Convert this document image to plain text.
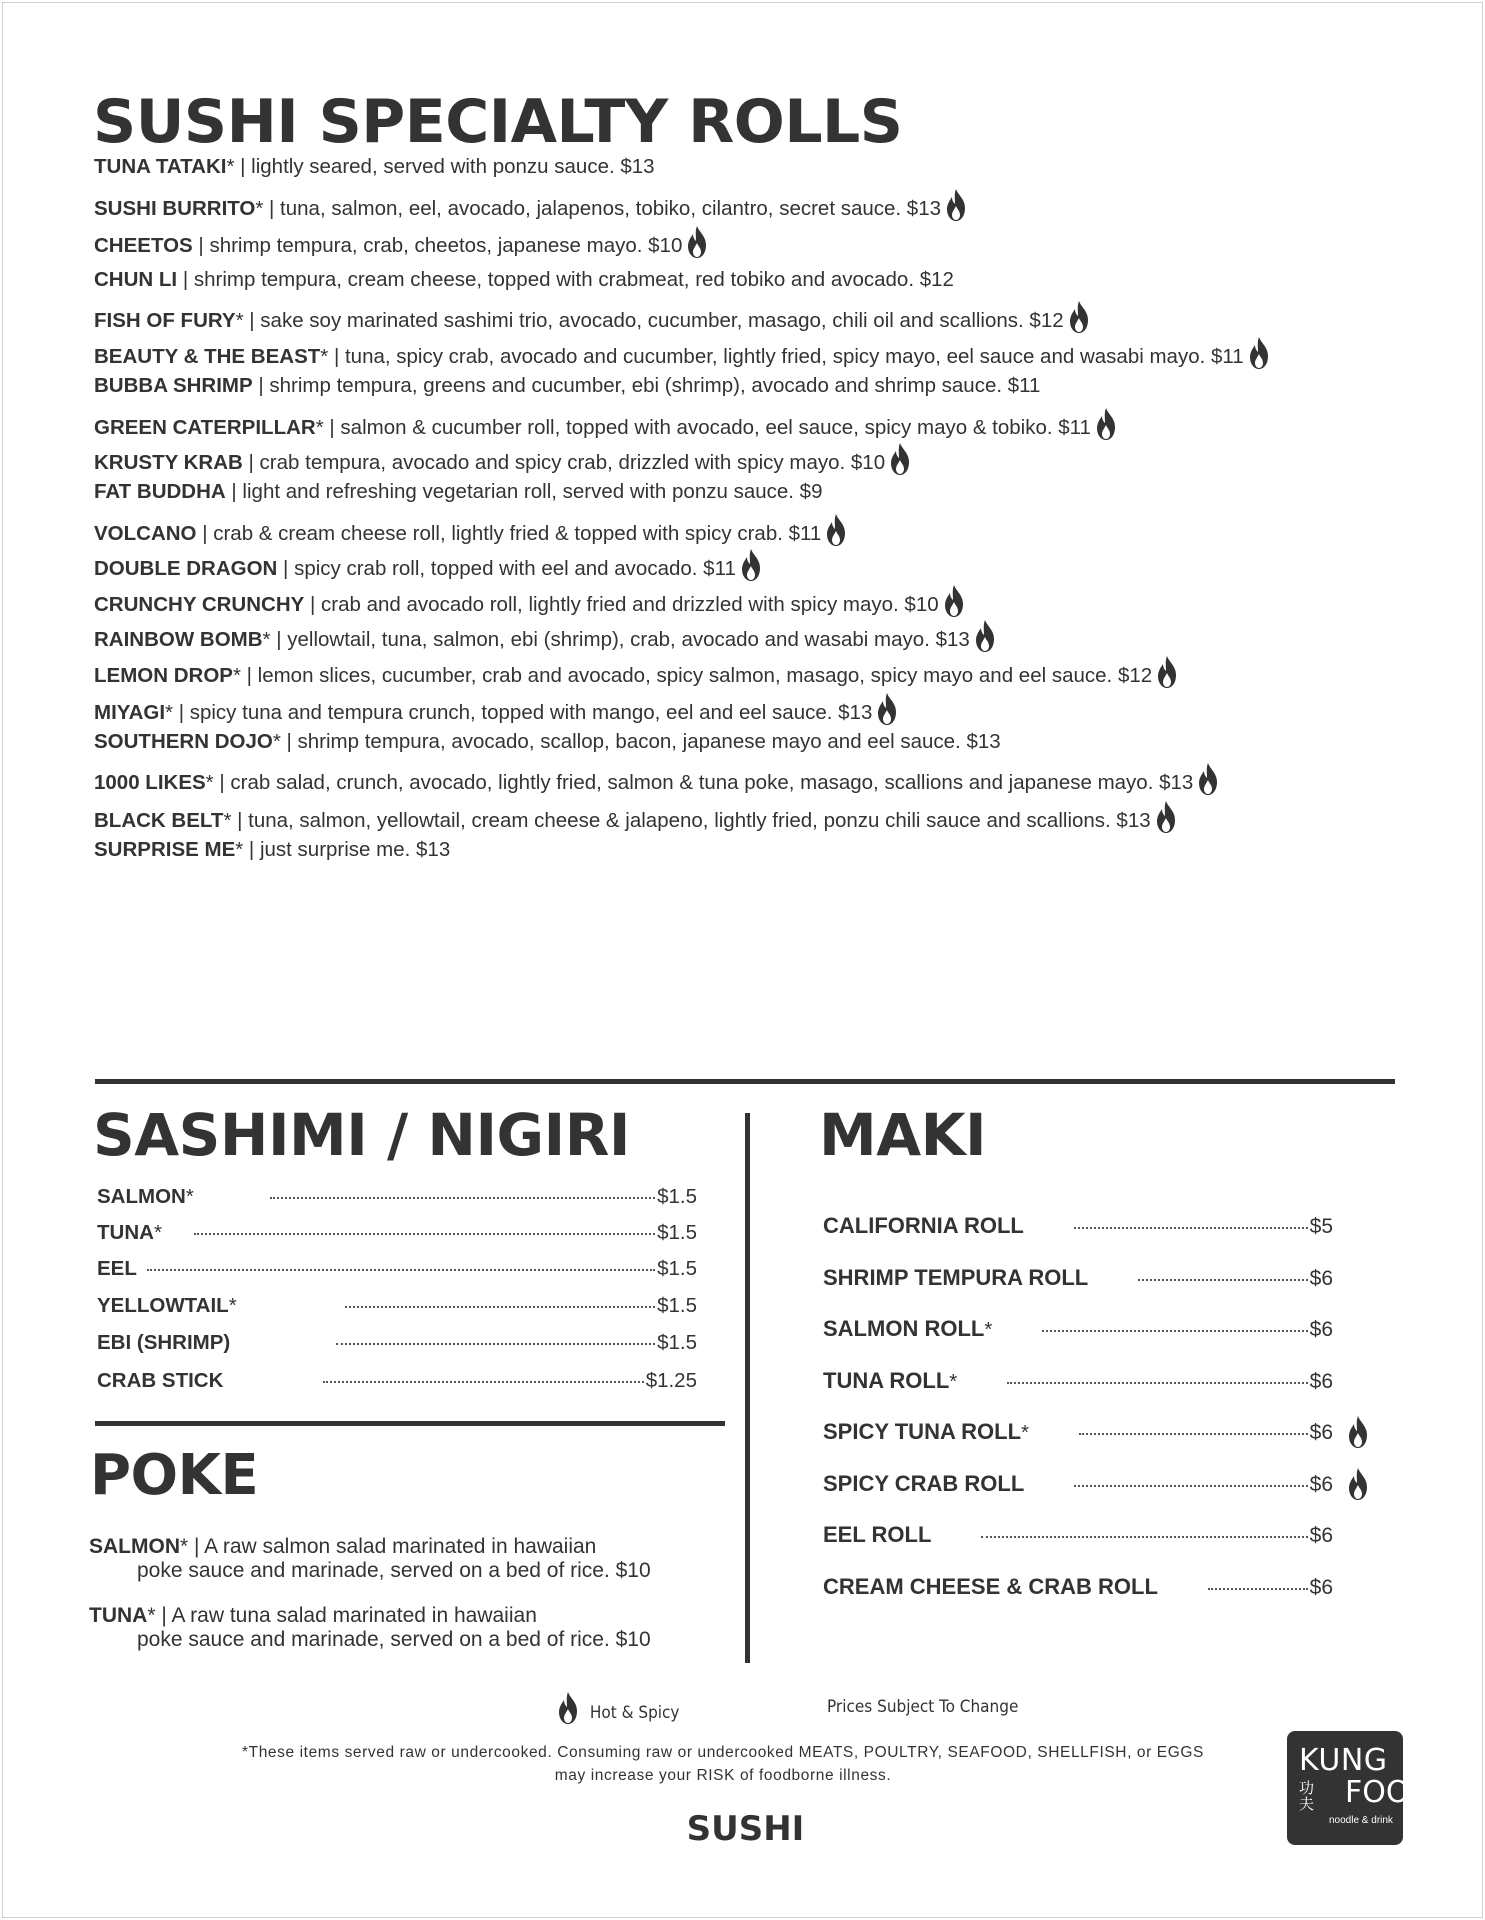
SUSHI SPECIALTY ROLLS
TUNA TATAKI* | lightly seared, served with ponzu sauce. $13
SUSHI BURRITO* | tuna, salmon, eel, avocado, jalapenos, tobiko, cilantro, secret sauce. $13
CHEETOS | shrimp tempura, crab, cheetos, japanese mayo. $10
CHUN LI | shrimp tempura, cream cheese, topped with crabmeat, red tobiko and avocado. $12
FISH OF FURY* | sake soy marinated sashimi trio, avocado, cucumber, masago, chili oil and scallions. $12
BEAUTY & THE BEAST* | tuna, spicy crab, avocado and cucumber, lightly fried, spicy mayo, eel sauce and wasabi mayo. $11
BUBBA SHRIMP | shrimp tempura, greens and cucumber, ebi (shrimp), avocado and shrimp sauce. $11
GREEN CATERPILLAR* | salmon & cucumber roll, topped with avocado, eel sauce, spicy mayo & tobiko. $11
KRUSTY KRAB | crab tempura, avocado and spicy crab, drizzled with spicy mayo. $10
FAT BUDDHA | light and refreshing vegetarian roll, served with ponzu sauce. $9
VOLCANO | crab & cream cheese roll, lightly fried & topped with spicy crab. $11
DOUBLE DRAGON | spicy crab roll, topped with eel and avocado. $11
CRUNCHY CRUNCHY | crab and avocado roll, lightly fried and drizzled with spicy mayo. $10
RAINBOW BOMB* | yellowtail, tuna, salmon, ebi (shrimp), crab, avocado and wasabi mayo. $13
LEMON DROP* | lemon slices, cucumber, crab and avocado, spicy salmon, masago, spicy mayo and eel sauce. $12
MIYAGI* | spicy tuna and tempura crunch, topped with mango, eel and eel sauce. $13
SOUTHERN DOJO* | shrimp tempura, avocado, scallop, bacon, japanese mayo and eel sauce. $13
1000 LIKES* | crab salad, crunch, avocado, lightly fried, salmon & tuna poke, masago, scallions and japanese mayo. $13
BLACK BELT* | tuna, salmon, yellowtail, cream cheese & jalapeno, lightly fried, ponzu chili sauce and scallions. $13
SURPRISE ME* | just surprise me. $13
SASHIMI / NIGIRI
SALMON *	$1.5
TUNA *	$1.5
EEL	$1.5
YELLOWTAIL *	$1.5
EBI (SHRIMP)	$1.5
CRAB STICK	$1.25
POKE
SALMON* | A raw salmon salad marinated in hawaiian
poke sauce and marinade, served on a bed of rice. $10
TUNA* | A raw tuna salad marinated in hawaiian
poke sauce and marinade, served on a bed of rice. $10
MAKI
CALIFORNIA ROLL	$5
SHRIMP TEMPURA ROLL	$6
SALMON ROLL *	$6
TUNA ROLL *	$6
SPICY TUNA ROLL *	$6
SPICY CRAB ROLL	$6
EEL ROLL	$6
CREAM CHEESE & CRAB ROLL	$6
Hot & Spicy	Prices Subject To Change
*These items served raw or undercooked. Consuming raw or undercooked MEATS, POULTRY, SEAFOOD, SHELLFISH, or EGGS
may increase your RISK of foodborne illness.
SUSHI
KUNG
功夫 FOO
noodle & drink
